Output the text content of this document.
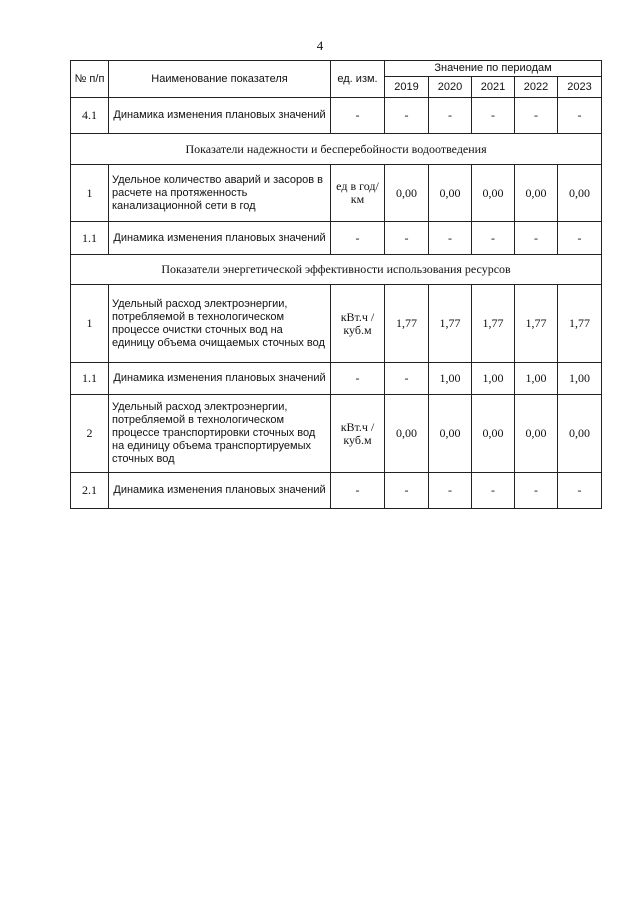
4
№ п/п	Наименование показателя	ед. изм.	Значение по периодам				
			2019	2020	2021	2022	2023
4.1	Динамика изменения плановых значений	-	-	-	-	-	-
Показатели надежности и бесперебойности водоотведения							
1	Удельное количество аварий и засоров в расчете на протяженность канализационной сети в год	ед в год/ км	0,00	0,00	0,00	0,00	0,00
1.1	Динамика изменения плановых значений	-	-	-	-	-	-
Показатели энергетической эффективности использования ресурсов							
1	Удельный расход электроэнергии, потребляемой в технологическом процессе очистки сточных вод на единицу объема очищаемых сточных вод	кВт.ч / куб.м	1,77	1,77	1,77	1,77	1,77
1.1	Динамика изменения плановых значений	-	-	1,00	1,00	1,00	1,00
2	Удельный расход электроэнергии, потребляемой в технологическом процессе транспортировки сточных вод на единицу объема транспортируемых сточных вод	кВт.ч / куб.м	0,00	0,00	0,00	0,00	0,00
2.1	Динамика изменения плановых значений	-	-	-	-	-	-
